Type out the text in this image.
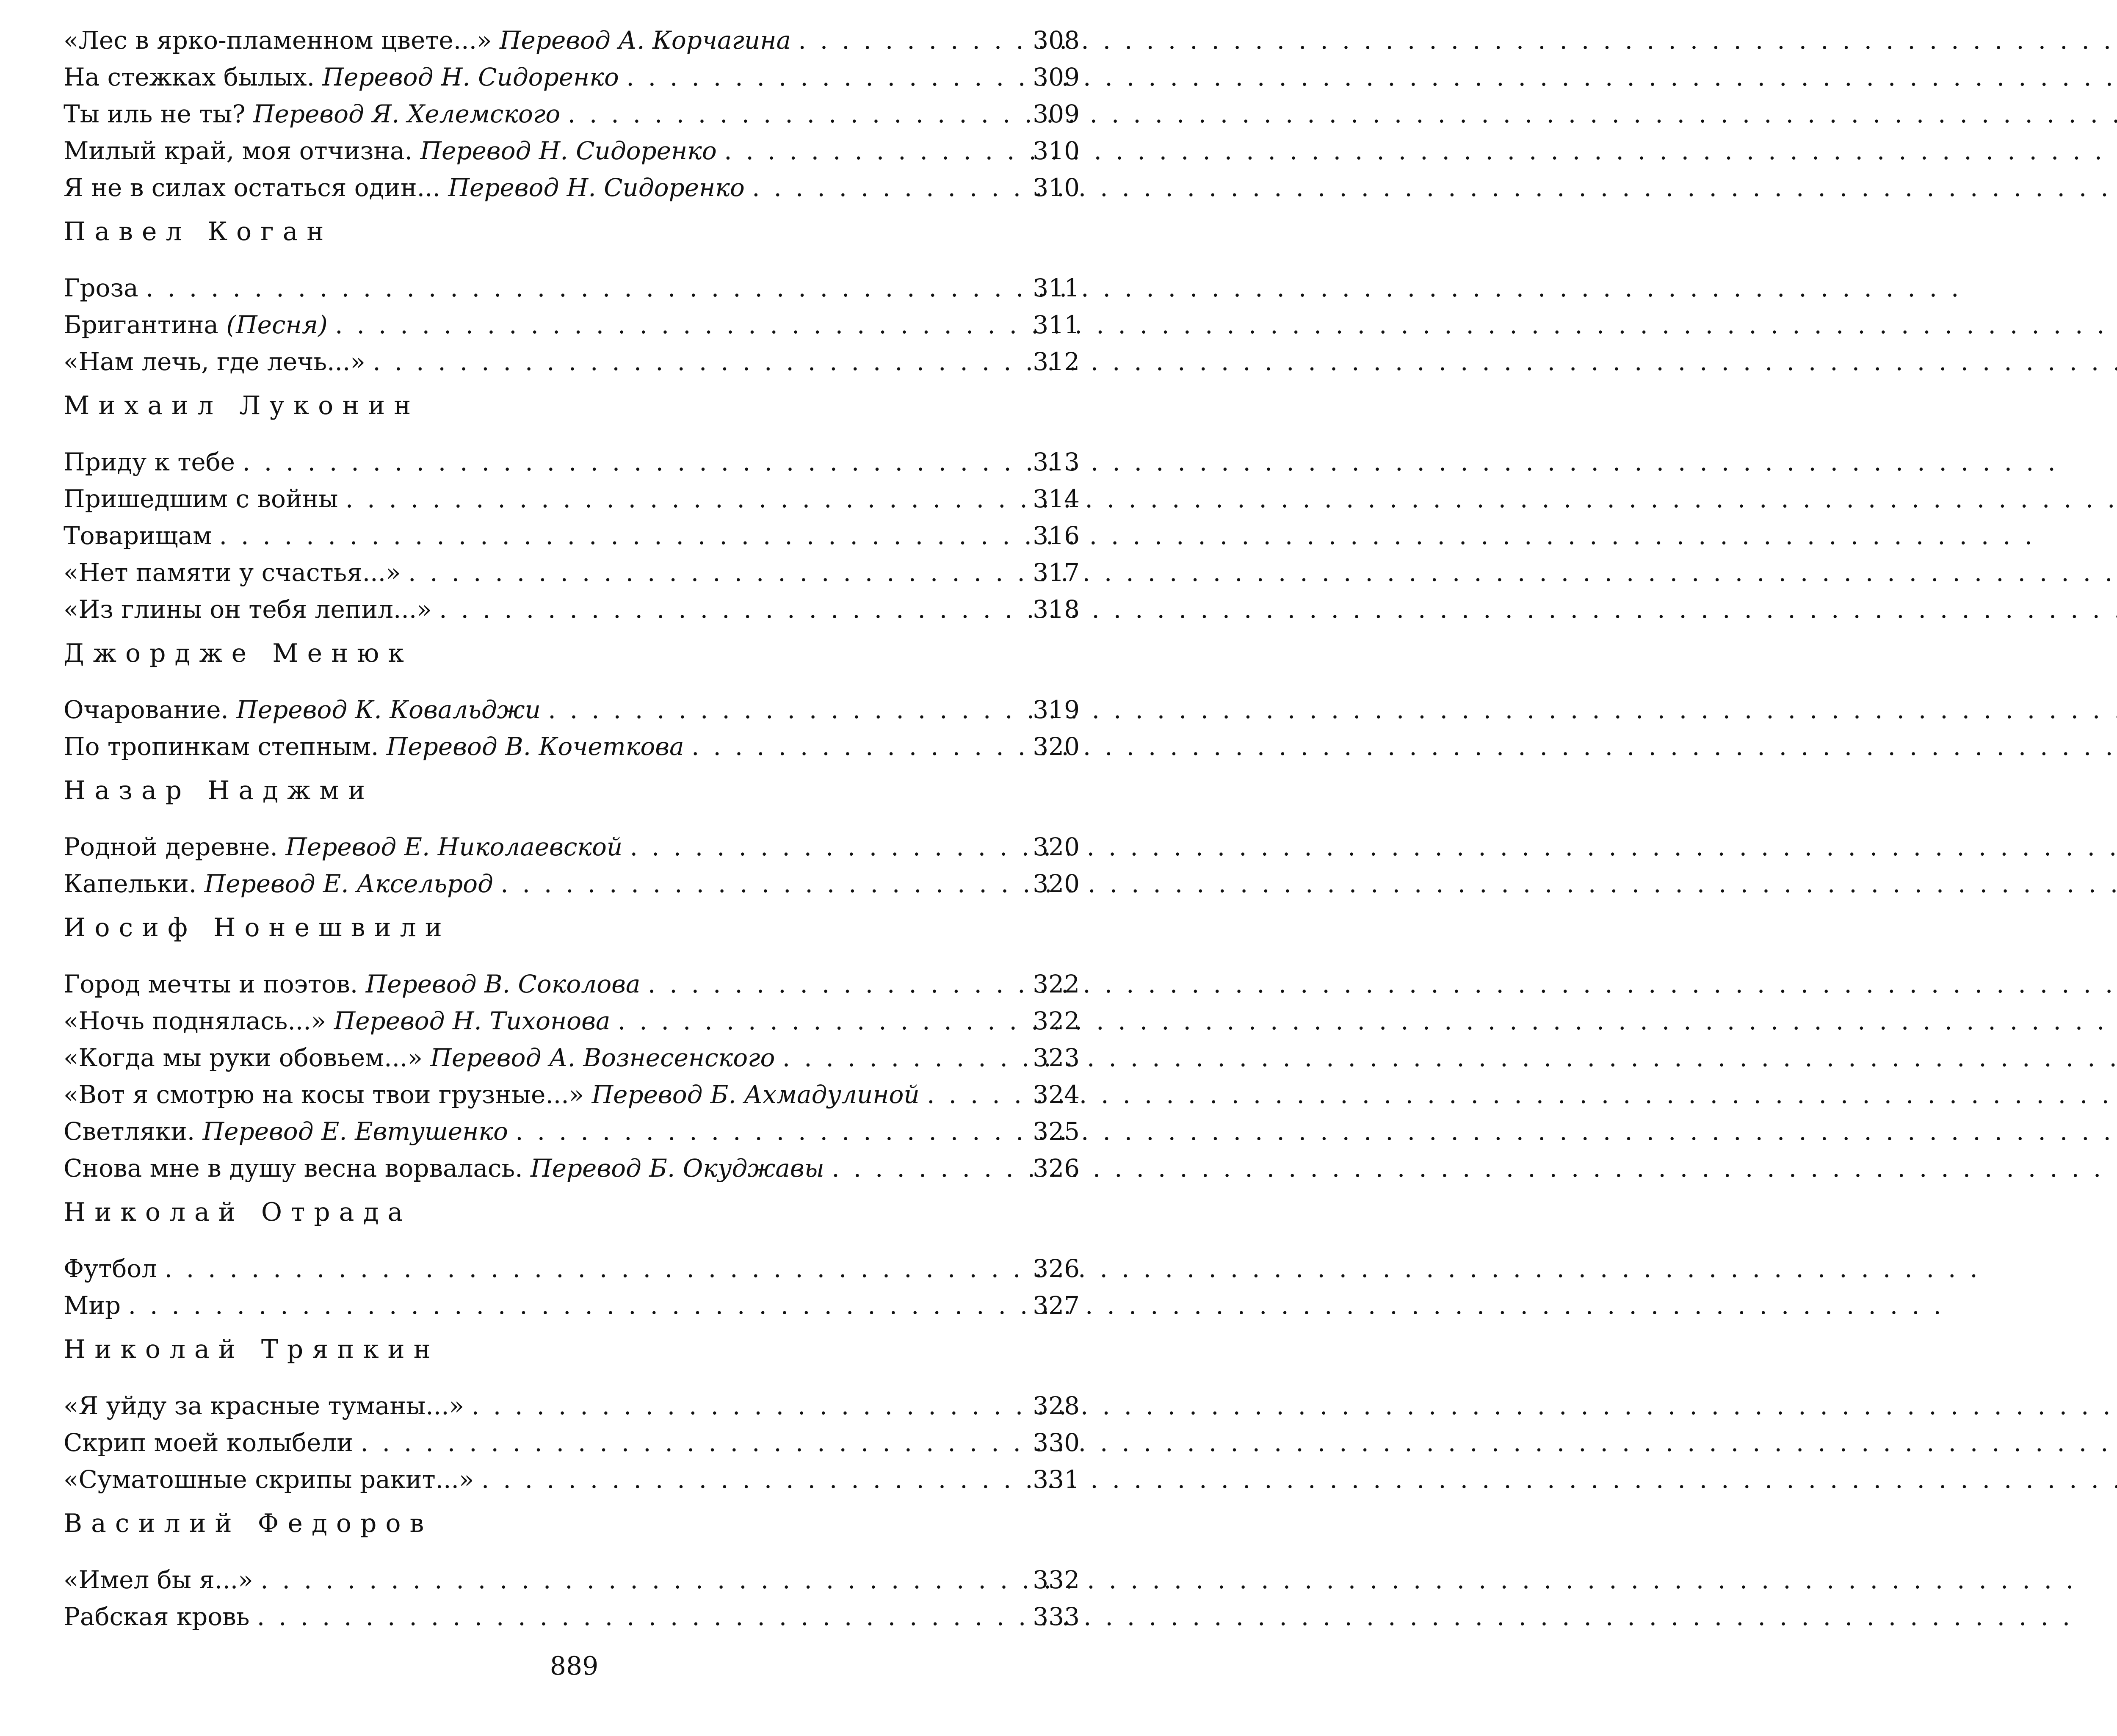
«Лес в ярко-пламенном цвете...» Перевод А. Корчагина . . .	308
На стежках былых. Перевод Н. Сидоренко . . .	309
Ты иль не ты? Перевод Я. Хелемского . . .	309
Милый край, моя отчизна. Перевод Н. Сидоренко . . .	310
Я не в силах остаться один... Перевод Н. Сидоренко . . .	310
Павел Коган
Гроза . . .	311
Бригантина (Песня) . . .	311
«Нам лечь, где лечь...» . . .	312
Михаил Луконин
Приду к тебе . . .	313
Пришедшим с войны . . .	314
Товарищам . . .	316
«Нет памяти у счастья...» . . .	317
«Из глины он тебя лепил...» . . .	318
Джордже Менюк
Очарование. Перевод К. Ковальджи . . .	319
По тропинкам степным. Перевод В. Кочеткова . . .	320
Назар Наджми
Родной деревне. Перевод Е. Николаевской . . .	320
Капельки. Перевод Е. Аксельрод . . .	320
Иосиф Нонешвили
Город мечты и поэтов. Перевод В. Соколова . . .	322
«Ночь поднялась...» Перевод Н. Тихонова . . .	322
«Когда мы руки обовьем...» Перевод А. Вознесенского . . .	323
«Вот я смотрю на косы твои грузные...» Перевод Б. Ахмадулиной . . .	324
Светляки. Перевод Е. Евтушенко . . .	325
Снова мне в душу весна ворвалась. Перевод Б. Окуджавы . . .	326
Николай Отрада
Футбол . . .	326
Мир . . .	327
Николай Тряпкин
«Я уйду за красные туманы...» . . .	328
Скрип моей колыбели . . .	330
«Суматошные скрипы ракит...» . . .	331
Василий Федоров
«Имел бы я...» . . .	332
Рабская кровь . . .	333
889
